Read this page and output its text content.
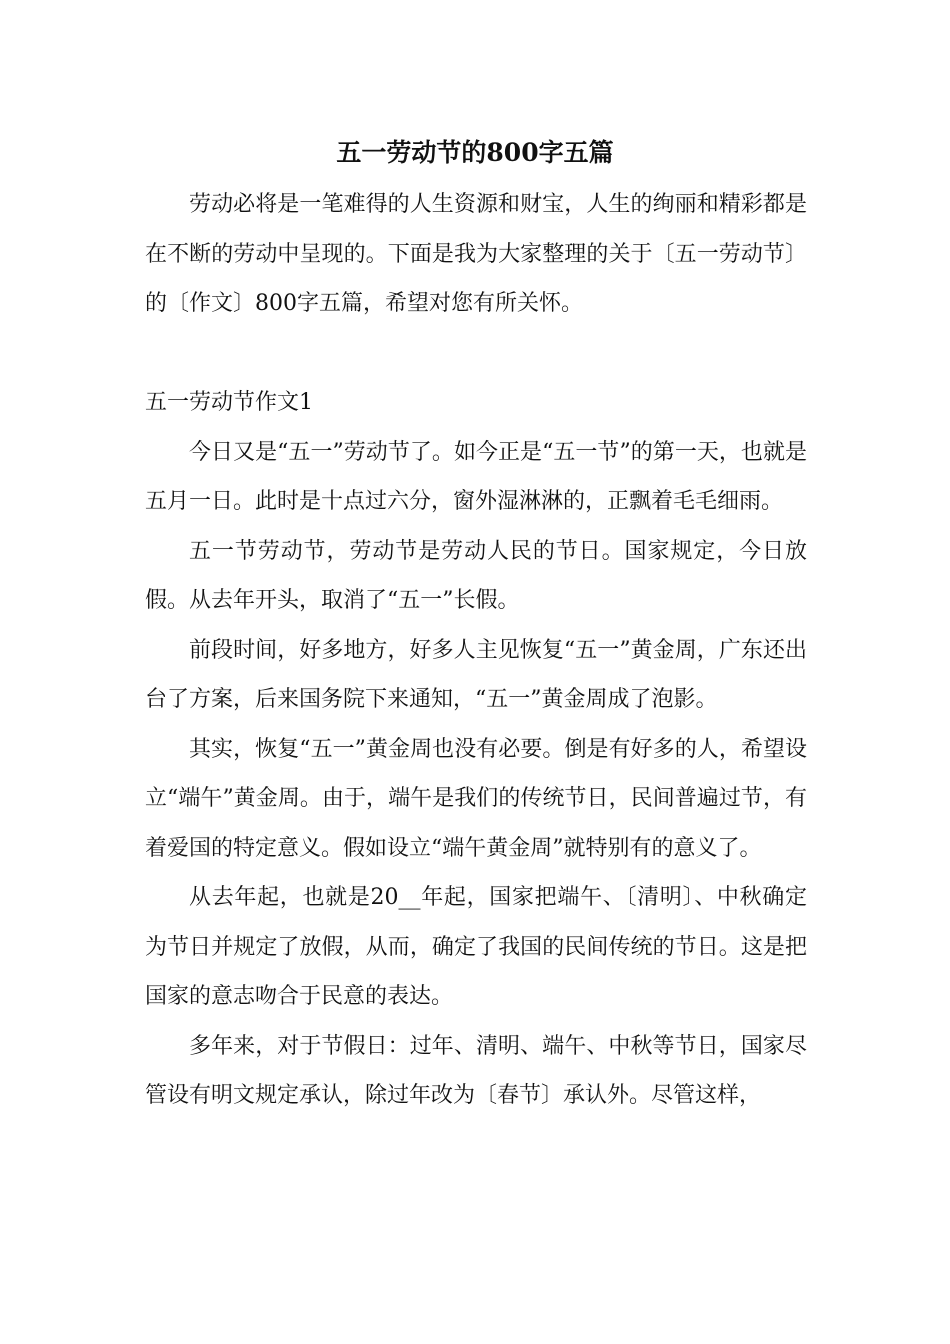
五一劳动节的800字五篇

劳动必将是一笔难得的人生资源和财宝，人生的绚丽和精彩都是在不断的劳动中呈现的。下面是我为大家整理的关于〔五一劳动节〕的〔作文〕800字五篇，希望对您有所关怀。

五一劳动节作文1

今日又是“五一”劳动节了。如今正是“五一节”的第一天，也就是五月一日。此时是十点过六分，窗外湿淋淋的，正飘着毛毛细雨。

五一节劳动节，劳动节是劳动人民的节日。国家规定，今日放假。从去年开头，取消了“五一”长假。

前段时间，好多地方，好多人主见恢复“五一”黄金周，广东还出台了方案，后来国务院下来通知，“五一”黄金周成了泡影。

其实，恢复“五一”黄金周也没有必要。倒是有好多的人，希望设立“端午”黄金周。由于，端午是我们的传统节日，民间普遍过节，有着爱国的特定意义。假如设立“端午黄金周”就特别有的意义了。

从去年起，也就是20__年起，国家把端午、〔清明〕、中秋确定为节日并规定了放假，从而，确定了我国的民间传统的节日。这是把国家的意志吻合于民意的表达。

多年来，对于节假日：过年、清明、端午、中秋等节日，国家尽管设有明文规定承认，除过年改为〔春节〕承认外。尽管这样，
